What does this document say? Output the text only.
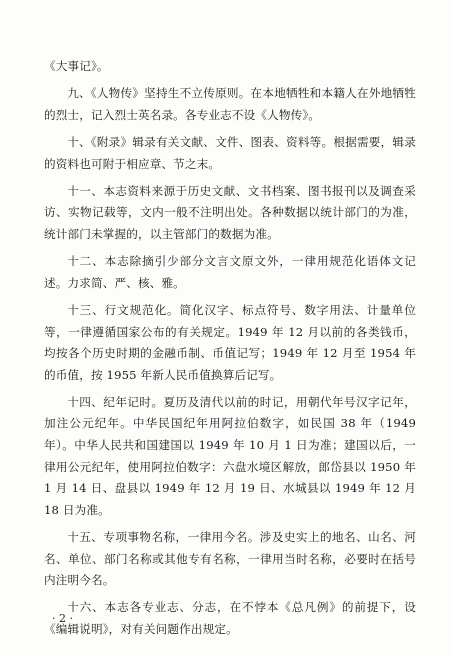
《大事记》。

九、《人物传》坚持生不立传原则。在本地牺牲和本籍人在外地牺牲的烈士，记入烈士英名录。各专业志不设《人物传》。

十、《附录》辑录有关文献、文件、图表、资料等。根据需要，辑录的资料也可附于相应章、节之末。

十一、本志资料来源于历史文献、文书档案、图书报刊以及调查采访、实物记载等，文内一般不注明出处。各种数据以统计部门的为准，统计部门未掌握的，以主管部门的数据为准。

十二、本志除摘引少部分文言文原文外，一律用规范化语体文记述。力求简、严、核、雅。

十三、行文规范化。简化汉字、标点符号、数字用法、计量单位等，一律遵循国家公布的有关规定。1949 年 12 月以前的各类钱币，均按各个历史时期的金融币制、币值记写；1949 年 12 月至 1954 年的币值，按 1955 年新人民币值换算后记写。

十四、纪年记时。夏历及清代以前的时记，用朝代年号汉字记年，加注公元纪年。中华民国纪年用阿拉伯数字，如民国 38 年（1949 年）。中华人民共和国建国以 1949 年 10 月 1 日为准；建国以后，一律用公元纪年，使用阿拉伯数字：六盘水境区解放，郎岱县以 1950 年 1 月 14 日、盘县以 1949 年 12 月 19 日、水城县以 1949 年 12 月 18 日为准。

十五、专项事物名称，一律用今名。涉及史实上的地名、山名、河名、单位、部门名称或其他专有名称，一律用当时名称，必要时在括号内注明今名。

十六、本志各专业志、分志，在不悖本《总凡例》的前提下，设《编辑说明》，对有关问题作出规定。

· 2 ·
